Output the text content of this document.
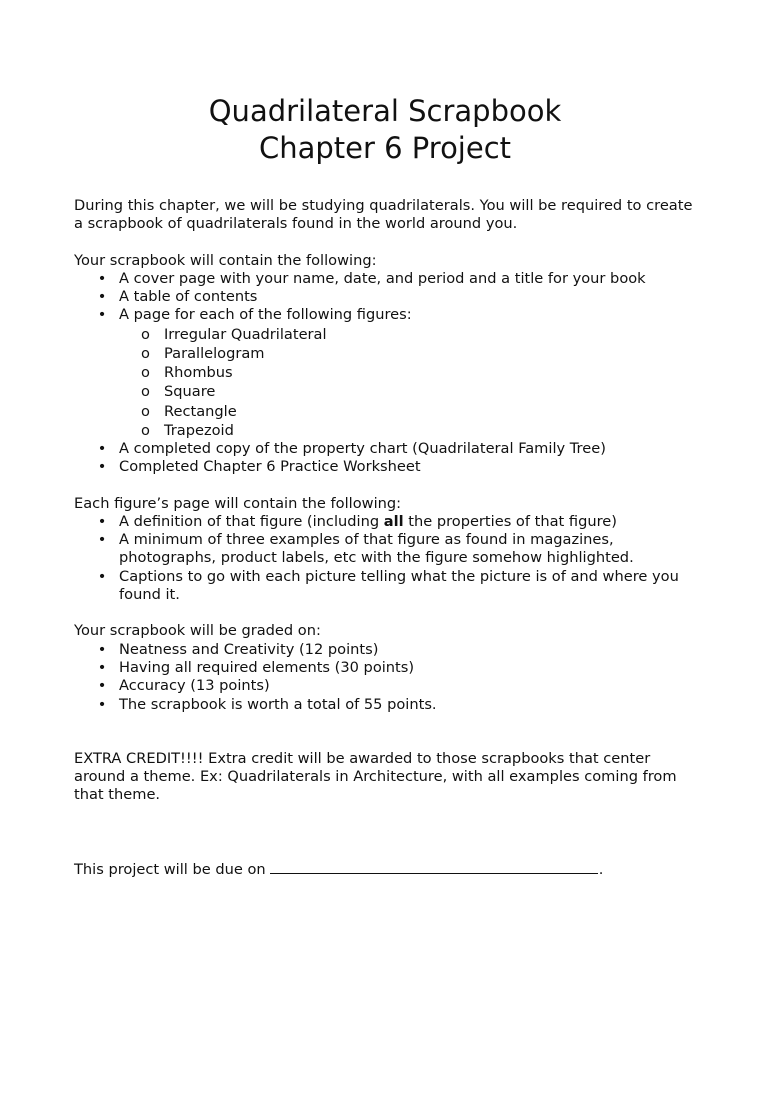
Quadrilateral Scrapbook
Chapter 6 Project

During this chapter, we will be studying quadrilaterals. You will be required to create a scrapbook of quadrilaterals found in the world around you.

Your scrapbook will contain the following:

• A cover page with your name, date, and period and a title for your book
• A table of contents
• A page for each of the following figures:
o Irregular Quadrilateral
o Parallelogram
o Rhombus
o Square
o Rectangle
o Trapezoid
• A completed copy of the property chart (Quadrilateral Family Tree)
• Completed Chapter 6 Practice Worksheet

Each figure’s page will contain the following:

• A definition of that figure (including all the properties of that figure)
• A minimum of three examples of that figure as found in magazines, photographs, product labels, etc with the figure somehow highlighted.
• Captions to go with each picture telling what the picture is of and where you found it.

Your scrapbook will be graded on:

• Neatness and Creativity (12 points)
• Having all required elements (30 points)
• Accuracy (13 points)
• The scrapbook is worth a total of 55 points.

EXTRA CREDIT!!!! Extra credit will be awarded to those scrapbooks that center around a theme. Ex: Quadrilaterals in Architecture, with all examples coming from that theme.

This project will be due on	.
